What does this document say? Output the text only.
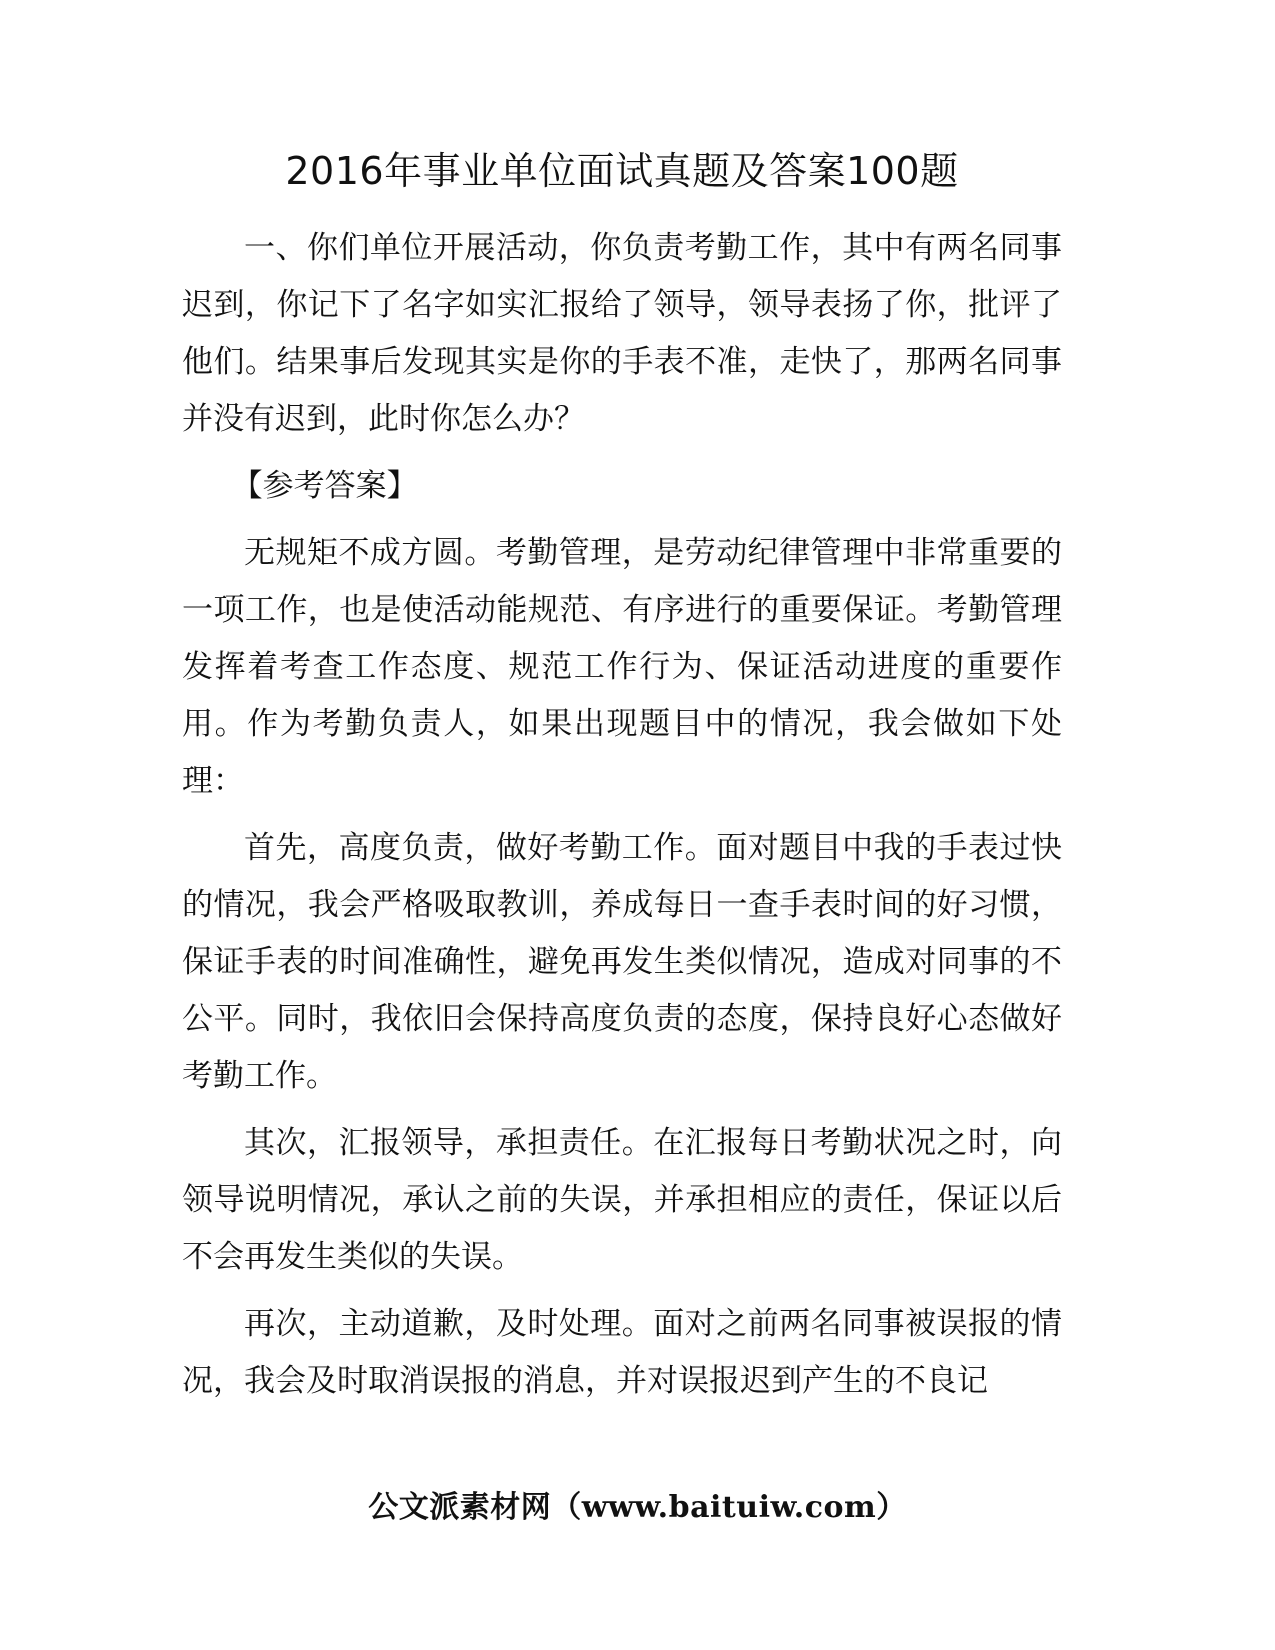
2016年事业单位面试真题及答案100题

一、你们单位开展活动，你负责考勤工作，其中有两名同事迟到，你记下了名字如实汇报给了领导，领导表扬了你，批评了他们。结果事后发现其实是你的手表不准，走快了，那两名同事并没有迟到，此时你怎么办？

【参考答案】

无规矩不成方圆。考勤管理，是劳动纪律管理中非常重要的一项工作，也是使活动能规范、有序进行的重要保证。考勤管理发挥着考查工作态度、规范工作行为、保证活动进度的重要作用。作为考勤负责人，如果出现题目中的情况，我会做如下处理：

首先，高度负责，做好考勤工作。面对题目中我的手表过快的情况，我会严格吸取教训，养成每日一查手表时间的好习惯，保证手表的时间准确性，避免再发生类似情况，造成对同事的不公平。同时，我依旧会保持高度负责的态度，保持良好心态做好考勤工作。

其次，汇报领导，承担责任。在汇报每日考勤状况之时，向领导说明情况，承认之前的失误，并承担相应的责任，保证以后不会再发生类似的失误。

再次，主动道歉，及时处理。面对之前两名同事被误报的情况，我会及时取消误报的消息，并对误报迟到产生的不良记

公文派素材网（www.baituiw.com）
